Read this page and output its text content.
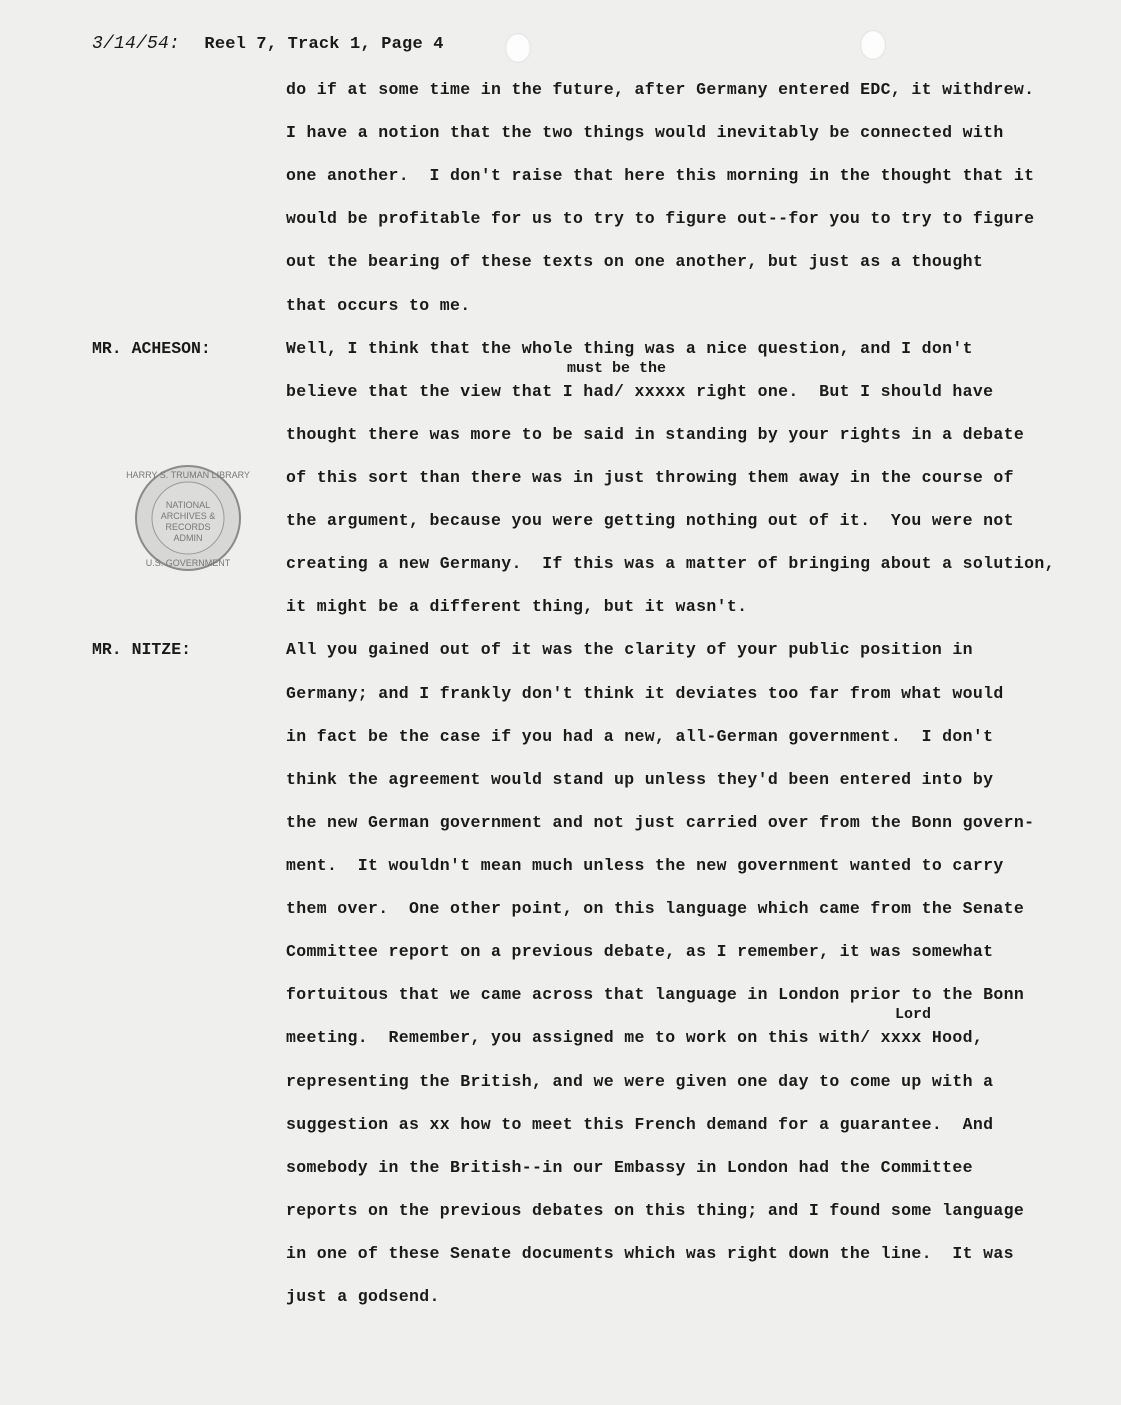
3/14/54: Reel 7, Track 1, Page 4
NATIONAL
ARCHIVES &
RECORDS
ADMIN
HARRY S. TRUMAN LIBRARY
U.S. GOVERNMENT
MR. ACHESON:
MR. NITZE:
must be the
Lord
do if at some time in the future, after Germany entered EDC, it withdrew.
I have a notion that the two things would inevitably be connected with
one another.  I don't raise that here this morning in the thought that it
would be profitable for us to try to figure out--for you to try to figure
out the bearing of these texts on one another, but just as a thought
that occurs to me.
Well, I think that the whole thing was a nice question, and I don't
believe that the view that I had/ xxxxx right one.  But I should have
thought there was more to be said in standing by your rights in a debate
of this sort than there was in just throwing them away in the course of
the argument, because you were getting nothing out of it.  You were not
creating a new Germany.  If this was a matter of bringing about a solution,
it might be a different thing, but it wasn't.
All you gained out of it was the clarity of your public position in
Germany; and I frankly don't think it deviates too far from what would
in fact be the case if you had a new, all-German government.  I don't
think the agreement would stand up unless they'd been entered into by
the new German government and not just carried over from the Bonn govern-
ment.  It wouldn't mean much unless the new government wanted to carry
them over.  One other point, on this language which came from the Senate
Committee report on a previous debate, as I remember, it was somewhat
fortuitous that we came across that language in London prior to the Bonn
meeting.  Remember, you assigned me to work on this with/ xxxx Hood,
representing the British, and we were given one day to come up with a
suggestion as xx how to meet this French demand for a guarantee.  And
somebody in the British--in our Embassy in London had the Committee
reports on the previous debates on this thing; and I found some language
in one of these Senate documents which was right down the line.  It was
just a godsend.
